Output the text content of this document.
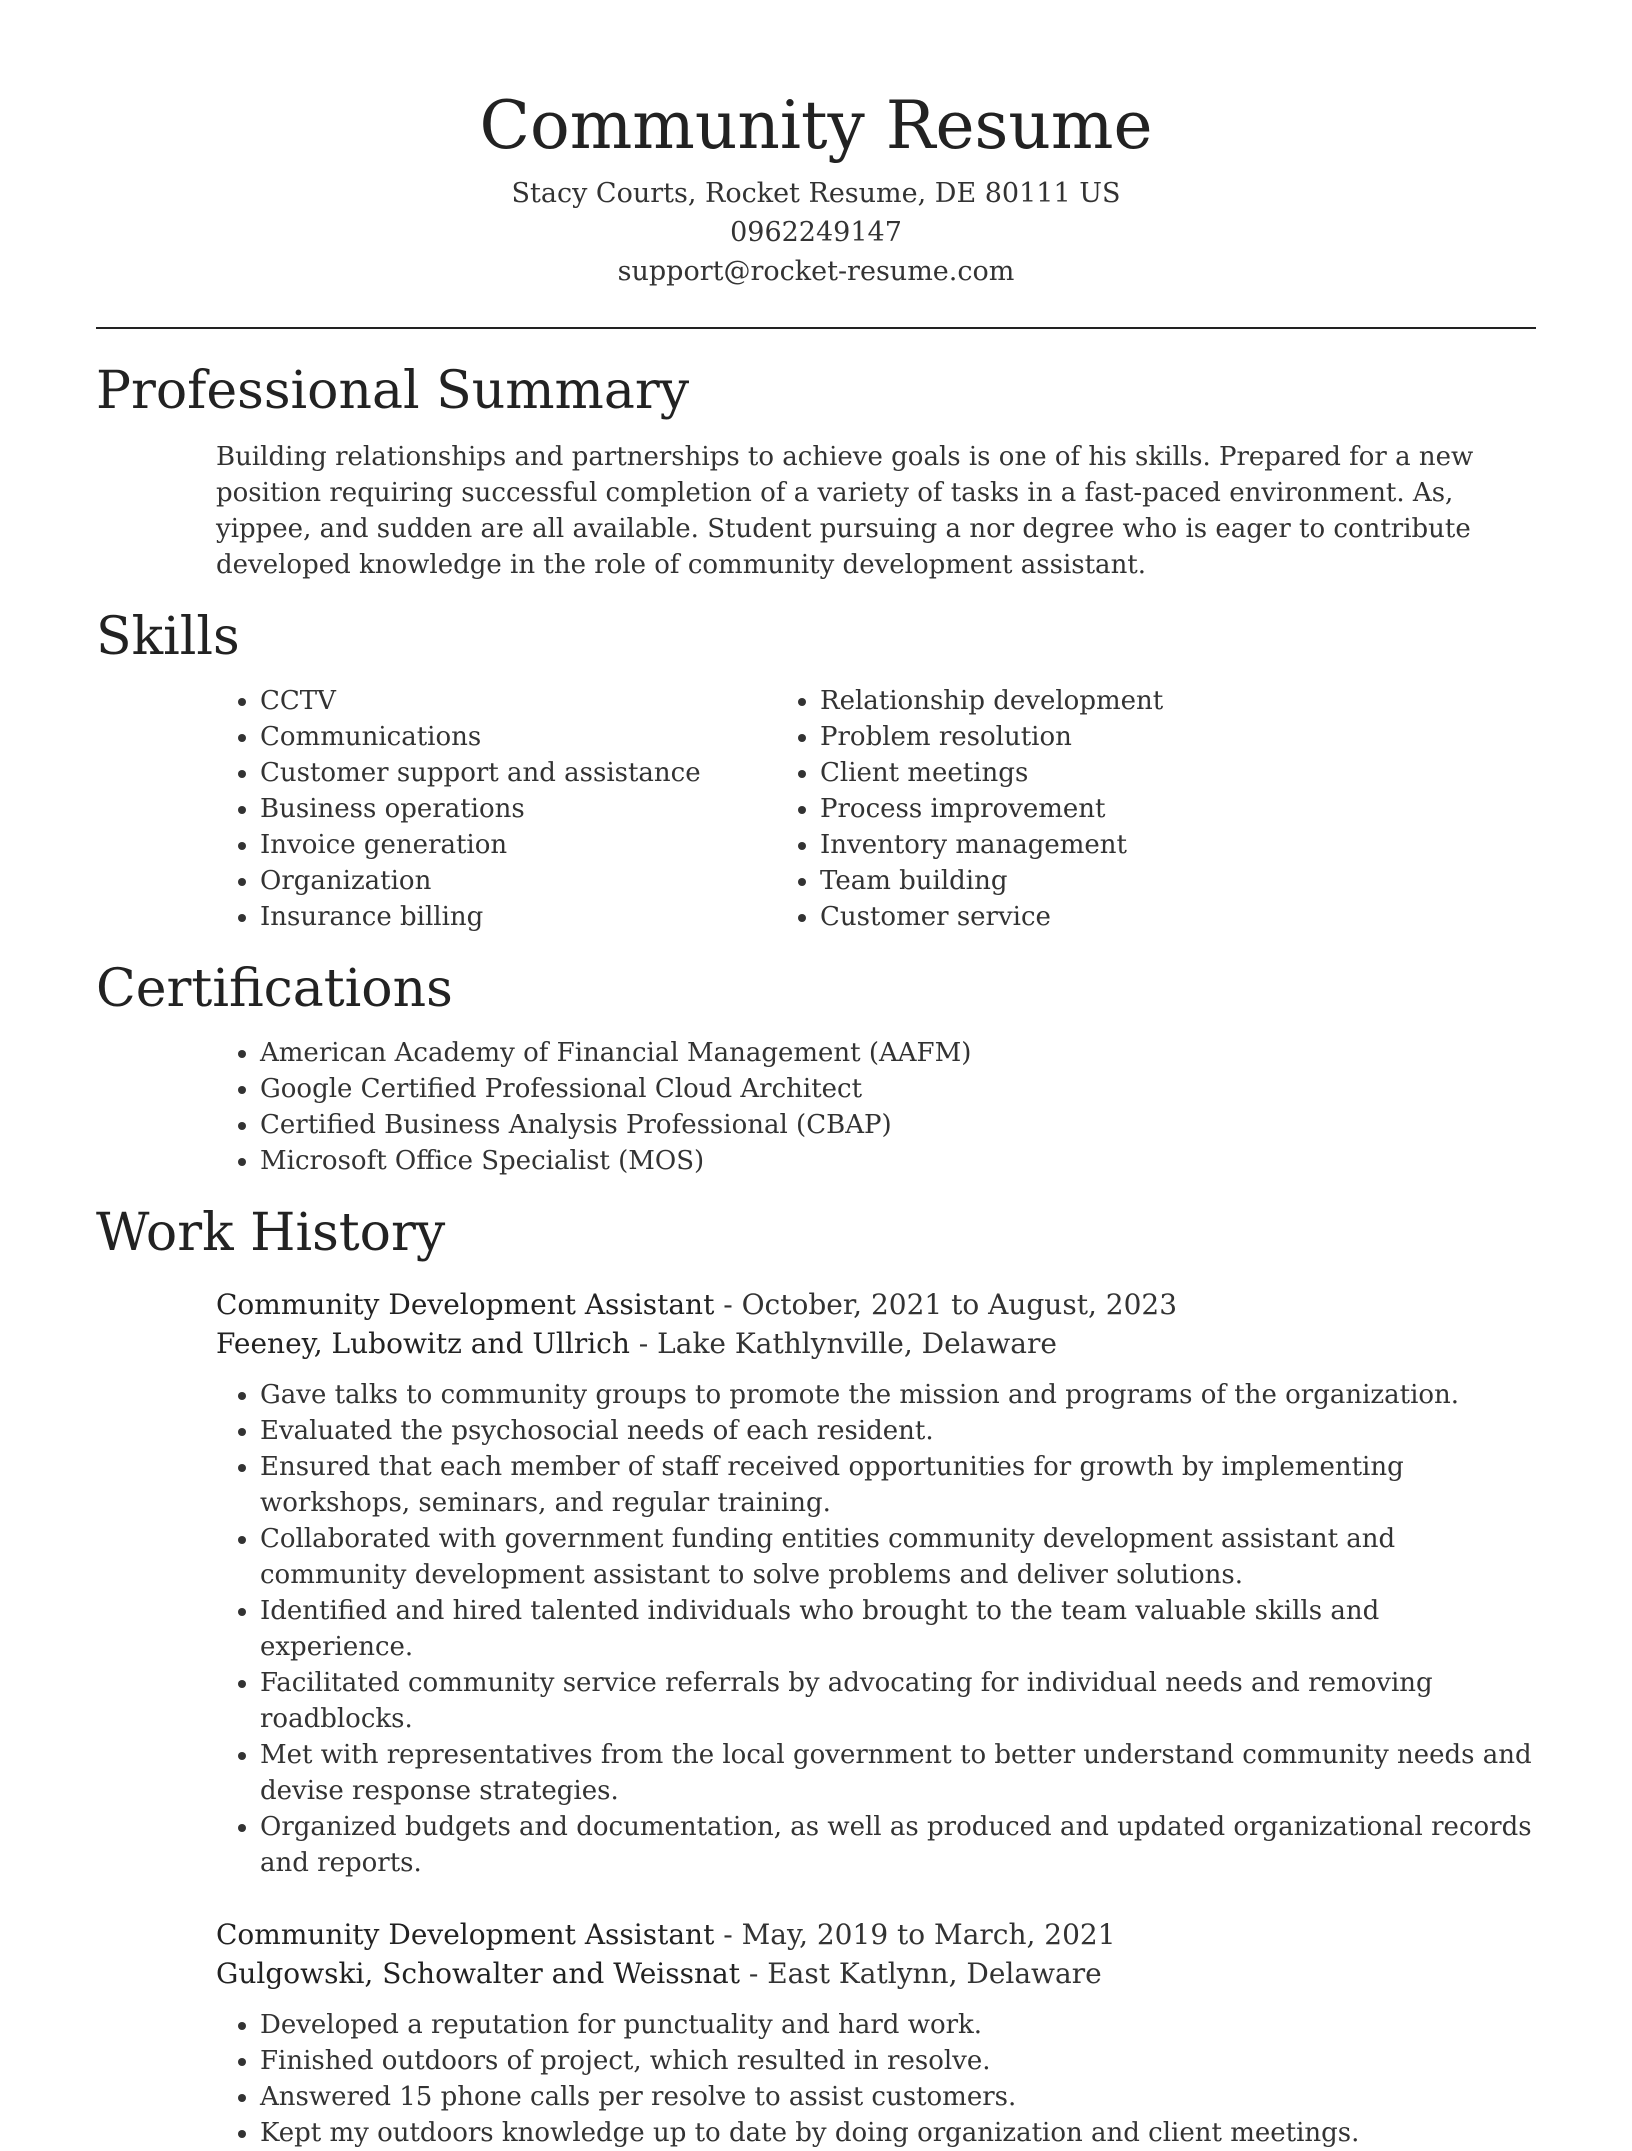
Community Resume

Stacy Courts, Rocket Resume, DE 80111 US

0962249147

support@rocket-resume.com

Professional Summary

Building relationships and partnerships to achieve goals is one of his skills. Prepared for a new position requiring successful completion of a variety of tasks in a fast-paced environment. As, yippee, and sudden are all available. Student pursuing a nor degree who is eager to contribute developed knowledge in the role of community development assistant.

Skills
• CCTV
• Communications
• Customer support and assistance
• Business operations
• Invoice generation
• Organization
• Insurance billing
• Relationship development
• Problem resolution
• Client meetings
• Process improvement
• Inventory management
• Team building
• Customer service
Certifications
• American Academy of Financial Management (AAFM)
• Google Certified Professional Cloud Architect
• Certified Business Analysis Professional (CBAP)
• Microsoft Office Specialist (MOS)
Work History

Community Development Assistant - October, 2021 to August, 2023

Feeney, Lubowitz and Ullrich - Lake Kathlynville, Delaware

• Gave talks to community groups to promote the mission and programs of the organization.
• Evaluated the psychosocial needs of each resident.
• Ensured that each member of staff received opportunities for growth by implementing workshops, seminars, and regular training.
• Collaborated with government funding entities community development assistant and community development assistant to solve problems and deliver solutions.
• Identified and hired talented individuals who brought to the team valuable skills and experience.
• Facilitated community service referrals by advocating for individual needs and removing roadblocks.
• Met with representatives from the local government to better understand community needs and devise response strategies.
• Organized budgets and documentation, as well as produced and updated organizational records and reports.

Community Development Assistant - May, 2019 to March, 2021

Gulgowski, Schowalter and Weissnat - East Katlynn, Delaware

• Developed a reputation for punctuality and hard work.
• Finished outdoors of project, which resulted in resolve.
• Answered 15 phone calls per resolve to assist customers.
• Kept my outdoors knowledge up to date by doing organization and client meetings.
